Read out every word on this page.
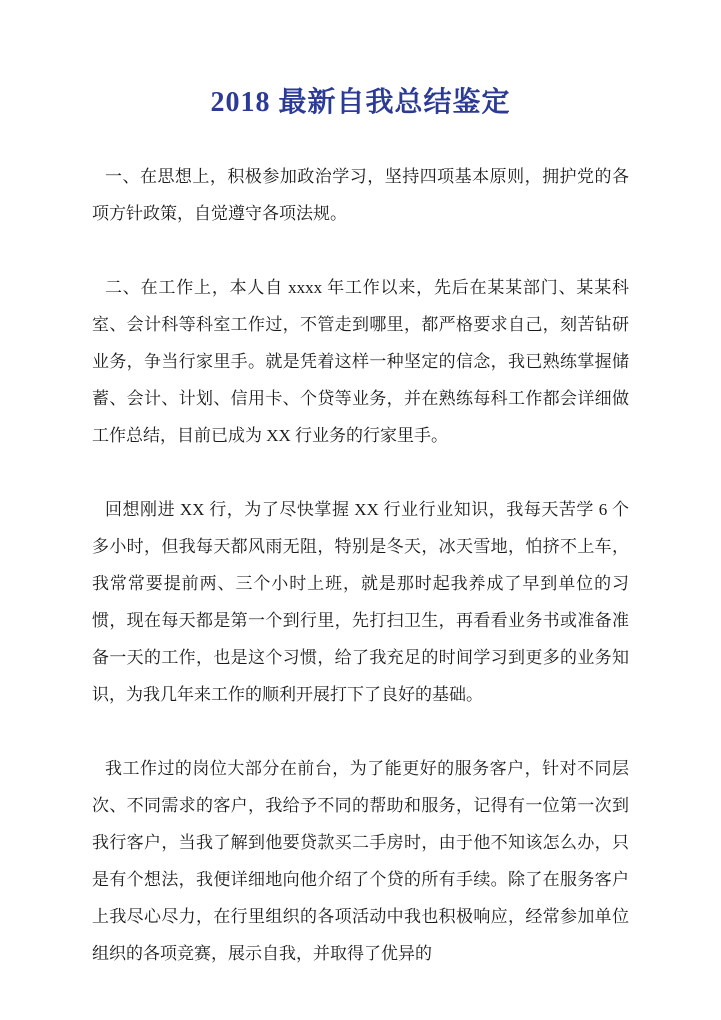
2018 最新自我总结鉴定

一、在思想上，积极参加政治学习，坚持四项基本原则，拥护党的各项方针政策，自觉遵守各项法规。

二、在工作上，本人自 xxxx 年工作以来，先后在某某部门、某某科室、会计科等科室工作过，不管走到哪里，都严格要求自己，刻苦钻研业务，争当行家里手。就是凭着这样一种坚定的信念，我已熟练掌握储蓄、会计、计划、信用卡、个贷等业务，并在熟练每科工作都会详细做工作总结，目前已成为 XX 行业务的行家里手。

回想刚进 XX 行，为了尽快掌握 XX 行业行业知识，我每天苦学 6 个多小时，但我每天都风雨无阻，特别是冬天，冰天雪地，怕挤不上车，我常常要提前两、三个小时上班，就是那时起我养成了早到单位的习惯，现在每天都是第一个到行里，先打扫卫生，再看看业务书或准备准备一天的工作，也是这个习惯，给了我充足的时间学习到更多的业务知识，为我几年来工作的顺利开展打下了良好的基础。

我工作过的岗位大部分在前台，为了能更好的服务客户，针对不同层次、不同需求的客户，我给予不同的帮助和服务，记得有一位第一次到我行客户，当我了解到他要贷款买二手房时，由于他不知该怎么办，只是有个想法，我便详细地向他介绍了个贷的所有手续。除了在服务客户上我尽心尽力，在行里组织的各项活动中我也积极响应，经常参加单位组织的各项竞赛，展示自我，并取得了优异的
